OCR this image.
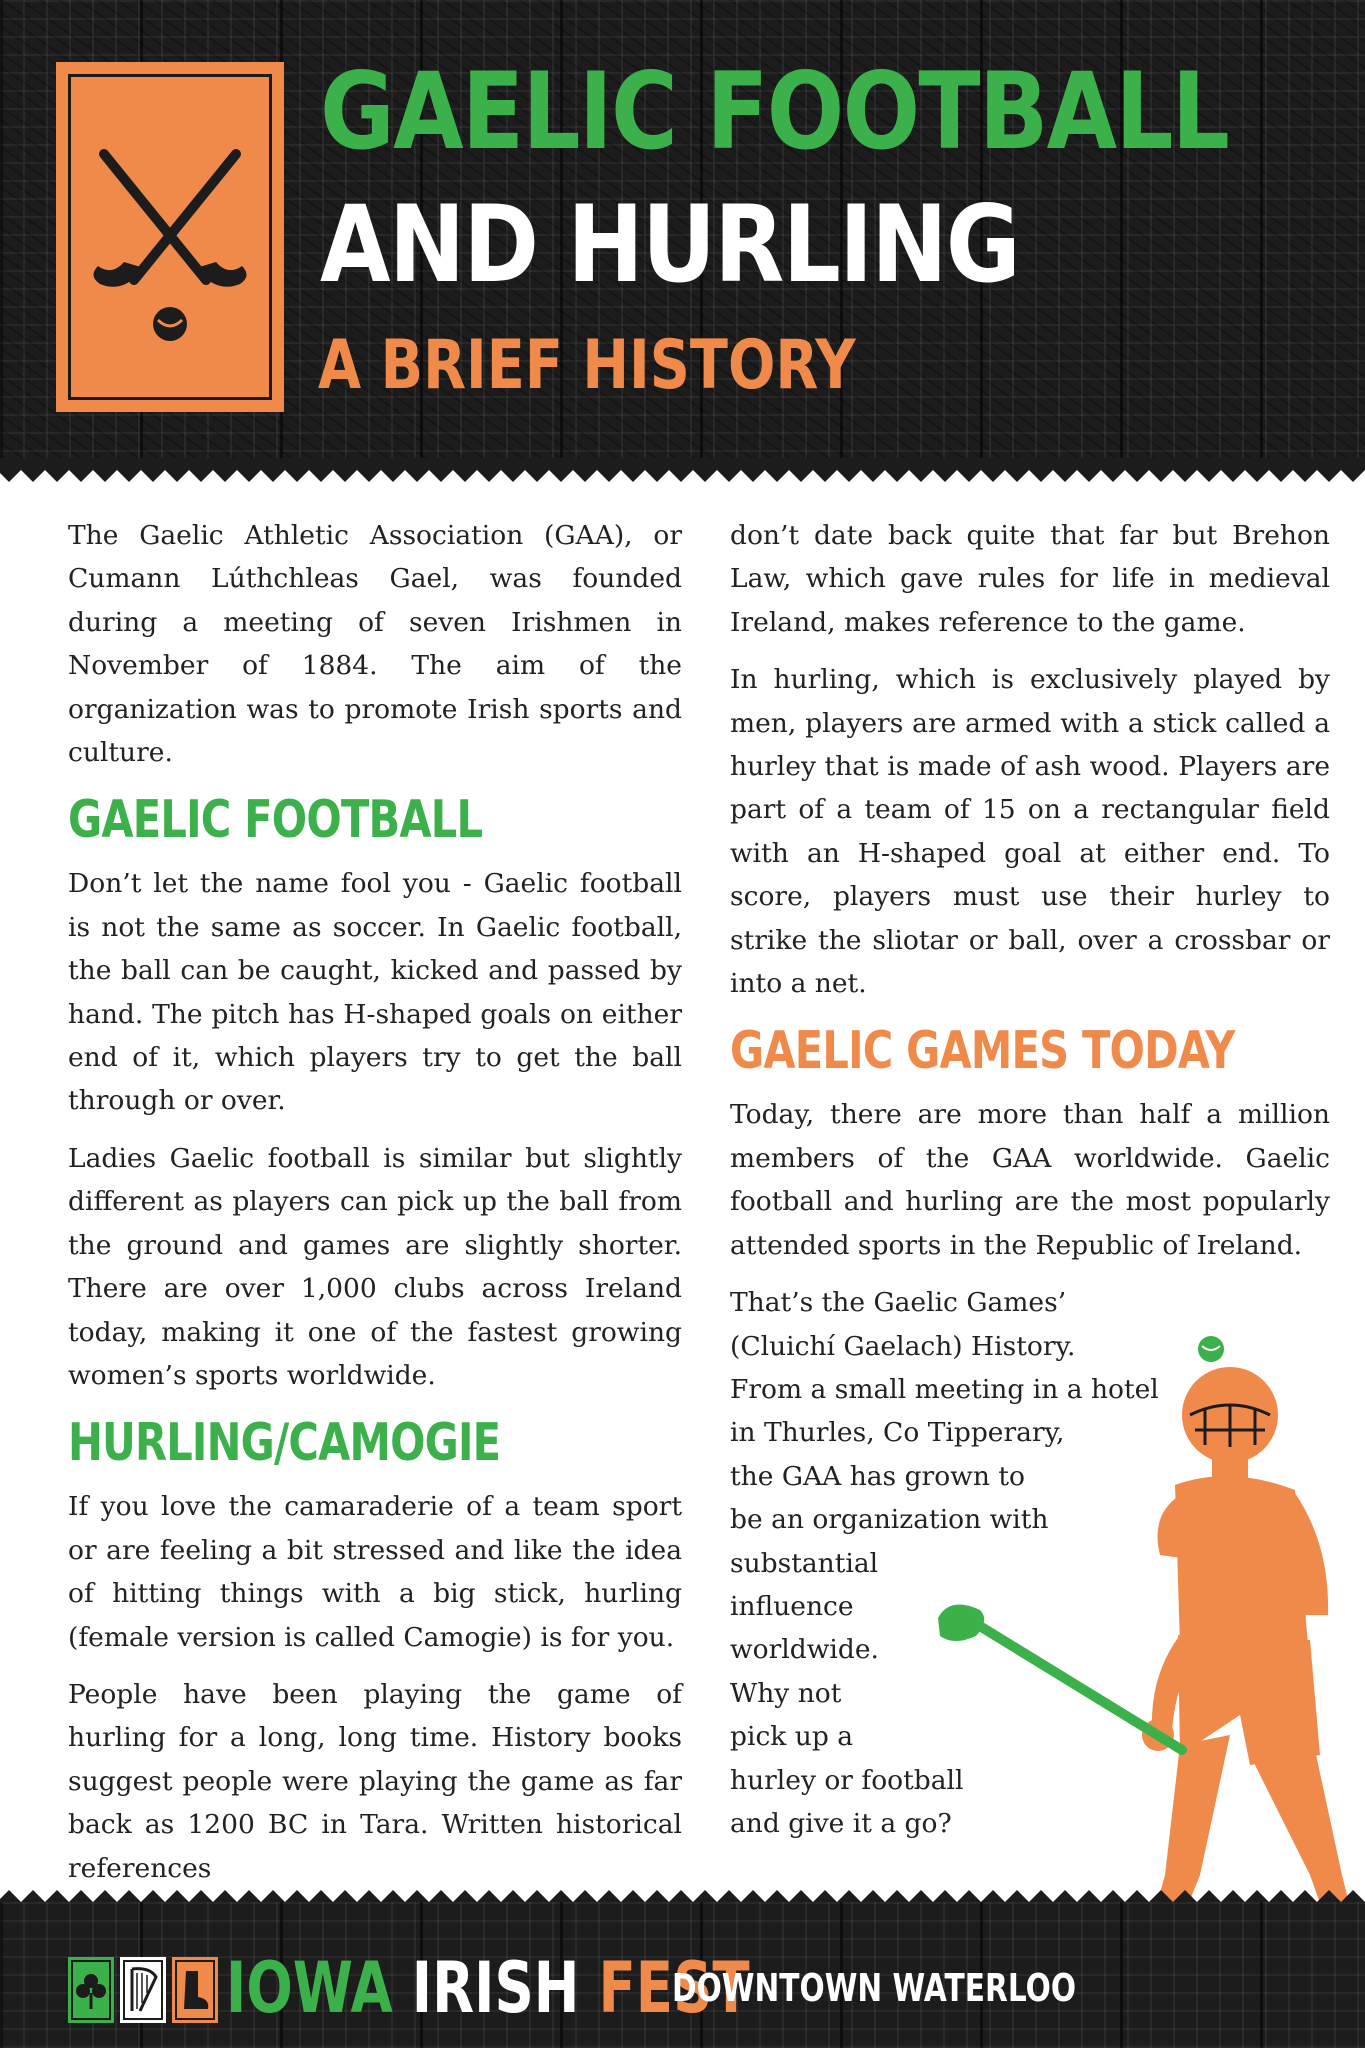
GAELIC FOOTBALL
AND HURLING
A BRIEF HISTORY

The Gaelic Athletic Association (GAA), or Cumann Lúthchleas Gael, was founded during a meeting of seven Irishmen in November of 1884. The aim of the organization was to promote Irish sports and culture.

GAELIC FOOTBALL

Don’t let the name fool you - Gaelic football is not the same as soccer. In Gaelic football, the ball can be caught, kicked and passed by hand. The pitch has H-shaped goals on either end of it, which players try to get the ball through or over.

Ladies Gaelic football is similar but slightly different as players can pick up the ball from the ground and games are slightly shorter. There are over 1,000 clubs across Ireland today, making it one of the fastest growing women’s sports worldwide.

HURLING/CAMOGIE

If you love the camaraderie of a team sport or are feeling a bit stressed and like the idea of hitting things with a big stick, hurling (female version is called Camogie) is for you.

People have been playing the game of hurling for a long, long time. History books suggest people were playing the game as far back as 1200 BC in Tara. Written historical references

don’t date back quite that far but Brehon Law, which gave rules for life in medieval Ireland, makes reference to the game.

In hurling, which is exclusively played by men, players are armed with a stick called a hurley that is made of ash wood. Players are part of a team of 15 on a rectangular field with an H-shaped goal at either end. To score, players must use their hurley to strike the sliotar or ball, over a crossbar or into a net.

GAELIC GAMES TODAY

Today, there are more than half a million members of the GAA worldwide. Gaelic football and hurling are the most popularly attended sports in the Republic of Ireland.

That’s the Gaelic Games’
(Cluichí Gaelach) History.
From a small meeting in a hotel
in Thurles, Co Tipperary,
the GAA has grown to
be an organization with
substantial
influence
worldwide.
Why not
pick up a
hurley or football
and give it a go?

IOWA IRISH FEST
DOWNTOWN WATERLOO
